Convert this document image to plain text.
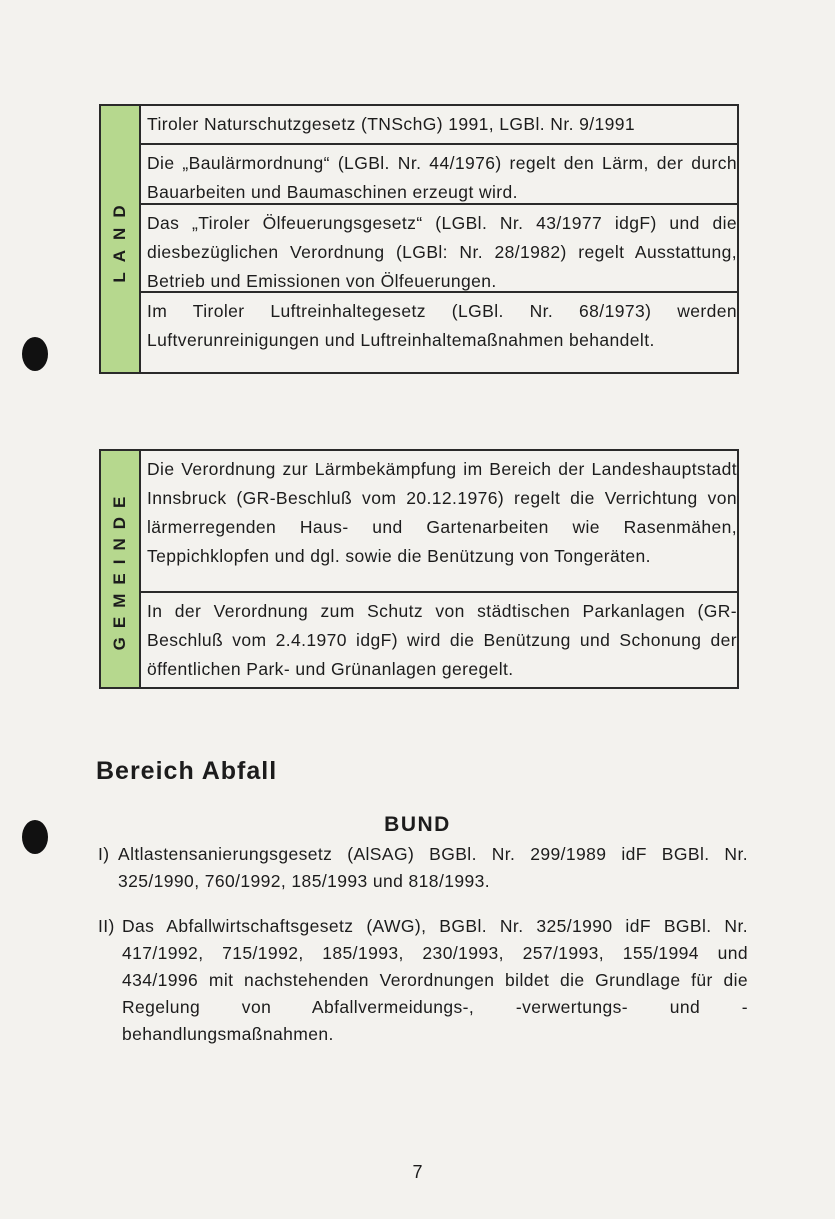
LAND
Tiroler Naturschutzgesetz (TNSchG) 1991, LGBl. Nr. 9/1991
Die „Baulärmordnung“ (LGBl. Nr. 44/1976) regelt den Lärm, der durch Bauarbeiten und Baumaschinen erzeugt wird.
Das „Tiroler Ölfeuerungsgesetz“ (LGBl. Nr. 43/1977 idgF) und die diesbezüglichen Verordnung (LGBl: Nr. 28/1982) regelt Ausstattung, Betrieb und Emissionen von Ölfeuerungen.
Im Tiroler Luftreinhaltegesetz (LGBl. Nr. 68/1973) werden Luftverunreinigungen und Luftreinhaltemaßnahmen behandelt.
GEMEINDE
Die Verordnung zur Lärmbekämpfung im Bereich der Landeshauptstadt Innsbruck (GR-Beschluß vom 20.12.1976) regelt die Verrichtung von lärmerregenden Haus- und Gartenarbeiten wie Rasenmähen, Teppichklopfen und dgl. sowie die Benützung von Tongeräten.
In der Verordnung zum Schutz von städtischen Parkanlagen (GR-Beschluß vom 2.4.1970 idgF) wird die Benützung und Schonung der öffentlichen Park- und Grünanlagen geregelt.
Bereich Abfall
BUND
I) Altlastensanierungsgesetz (AlSAG) BGBl. Nr. 299/1989 idF BGBl. Nr. 325/1990, 760/1992, 185/1993 und 818/1993.
II) Das Abfallwirtschaftsgesetz (AWG), BGBl. Nr. 325/1990 idF BGBl. Nr. 417/1992, 715/1992, 185/1993, 230/1993, 257/1993, 155/1994 und 434/1996 mit nachstehenden Verordnungen bildet die Grundlage für die Regelung von Abfallvermeidungs-, -verwertungs- und -behandlungsmaßnahmen.
7
